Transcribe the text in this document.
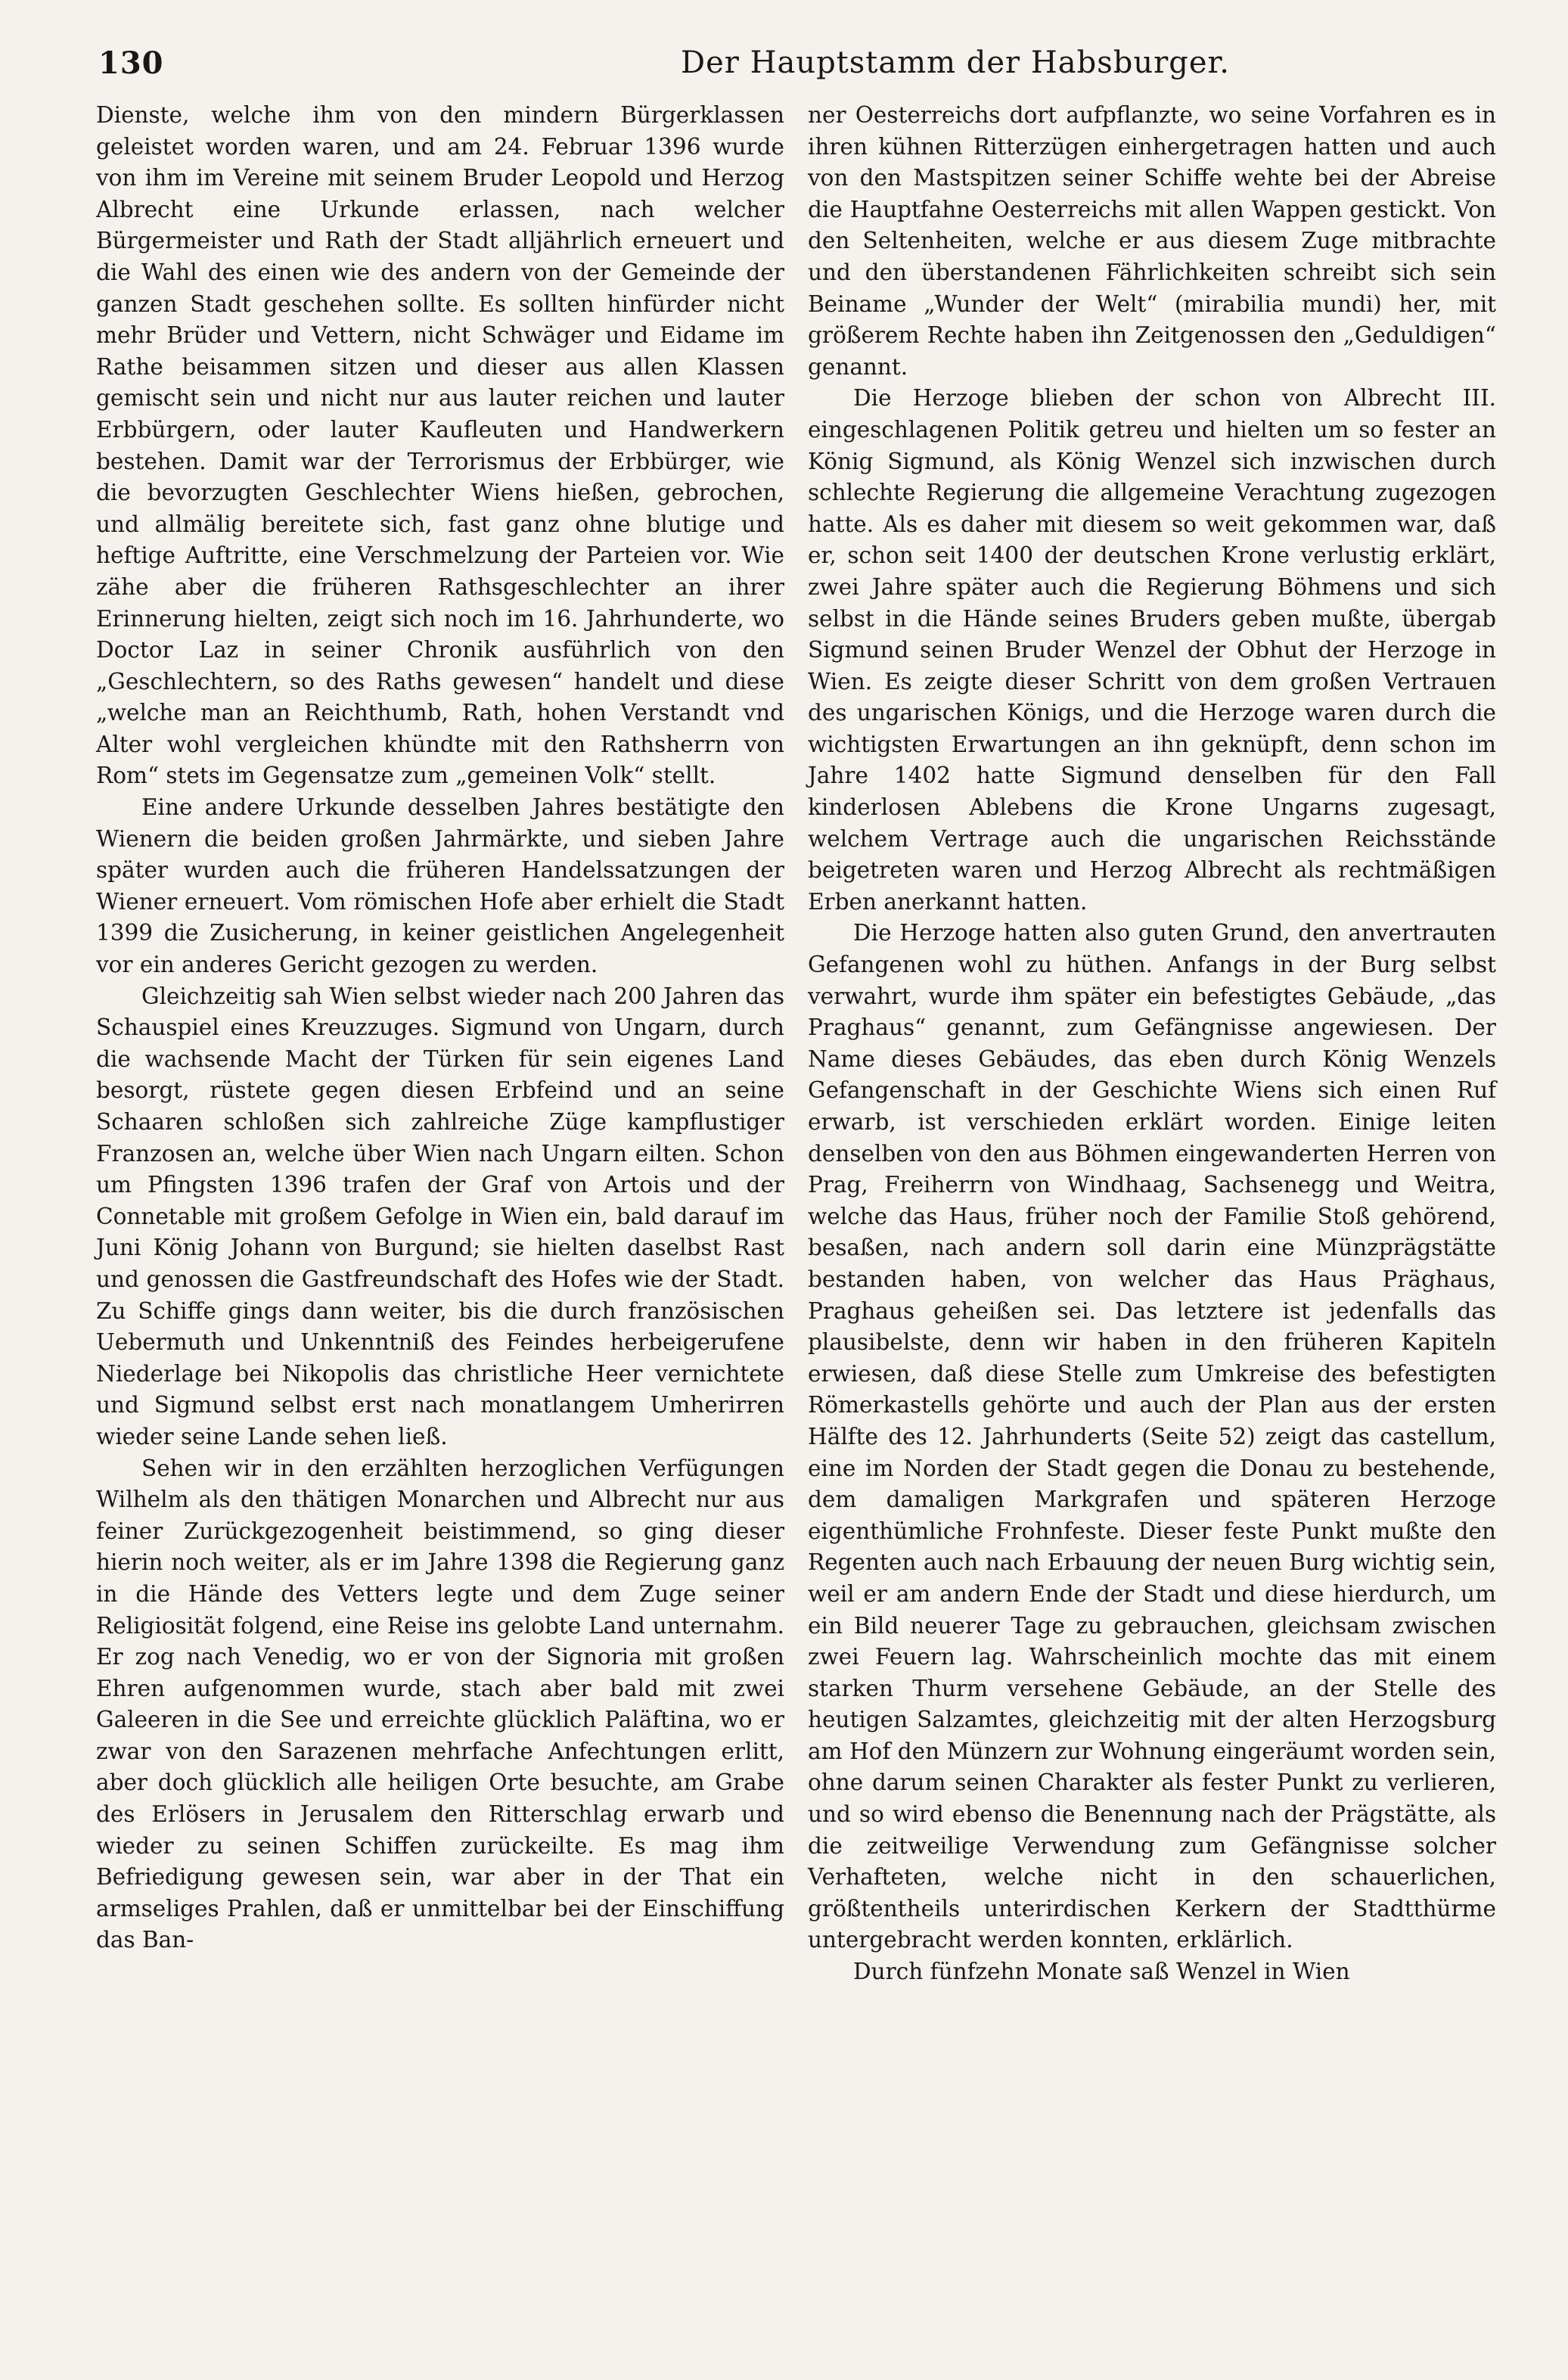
130	Der Hauptstamm der Habsburger.

Dienste, welche ihm von den mindern Bürgerklassen geleistet worden waren, und am 24. Februar 1396 wurde von ihm im Vereine mit seinem Bruder Leopold und Herzog Albrecht eine Urkunde erlassen, nach welcher Bürgermeister und Rath der Stadt alljährlich erneuert und die Wahl des einen wie des andern von der Gemeinde der ganzen Stadt geschehen sollte. Es sollten hinfürder nicht mehr Brüder und Vettern, nicht Schwäger und Eidame im Rathe beisammen sitzen und dieser aus allen Klassen gemischt sein und nicht nur aus lauter reichen und lauter Erbbürgern, oder lauter Kaufleuten und Handwerkern bestehen. Damit war der Terrorismus der Erbbürger, wie die bevorzugten Geschlechter Wiens hießen, gebrochen, und allmälig bereitete sich, fast ganz ohne blutige und heftige Auftritte, eine Verschmelzung der Parteien vor. Wie zähe aber die früheren Rathsgeschlechter an ihrer Erinnerung hielten, zeigt sich noch im 16. Jahrhunderte, wo Doctor Laz in seiner Chronik ausführlich von den „Geschlechtern, so des Raths gewesen“ handelt und diese „welche man an Reichthumb, Rath, hohen Verstandt vnd Alter wohl vergleichen khündte mit den Rathsherrn von Rom“ stets im Gegensatze zum „gemeinen Volk“ stellt.

Eine andere Urkunde desselben Jahres bestätigte den Wienern die beiden großen Jahrmärkte, und sieben Jahre später wurden auch die früheren Handelssatzungen der Wiener erneuert. Vom römischen Hofe aber erhielt die Stadt 1399 die Zusicherung, in keiner geistlichen Angelegenheit vor ein anderes Gericht gezogen zu werden.

Gleichzeitig sah Wien selbst wieder nach 200 Jahren das Schauspiel eines Kreuzzuges. Sigmund von Ungarn, durch die wachsende Macht der Türken für sein eigenes Land besorgt, rüstete gegen diesen Erbfeind und an seine Schaaren schloßen sich zahlreiche Züge kampflustiger Franzosen an, welche über Wien nach Ungarn eilten. Schon um Pfingsten 1396 trafen der Graf von Artois und der Connetable mit großem Gefolge in Wien ein, bald darauf im Juni König Johann von Burgund; sie hielten daselbst Rast und genossen die Gastfreundschaft des Hofes wie der Stadt. Zu Schiffe gings dann weiter, bis die durch französischen Uebermuth und Unkenntniß des Feindes herbeigerufene Niederlage bei Nikopolis das christliche Heer vernichtete und Sigmund selbst erst nach monatlangem Umherirren wieder seine Lande sehen ließ.

Sehen wir in den erzählten herzoglichen Verfügungen Wilhelm als den thätigen Monarchen und Albrecht nur aus feiner Zurückgezogenheit beistimmend, so ging dieser hierin noch weiter, als er im Jahre 1398 die Regierung ganz in die Hände des Vetters legte und dem Zuge seiner Religiosität folgend, eine Reise ins gelobte Land unternahm. Er zog nach Venedig, wo er von der Signoria mit großen Ehren aufgenommen wurde, stach aber bald mit zwei Galeeren in die See und erreichte glücklich Paläftina, wo er zwar von den Sarazenen mehrfache Anfechtungen erlitt, aber doch glücklich alle heiligen Orte besuchte, am Grabe des Erlösers in Jerusalem den Ritterschlag erwarb und wieder zu seinen Schiffen zurückeilte. Es mag ihm Befriedigung gewesen sein, war aber in der That ein armseliges Prahlen, daß er unmittelbar bei der Einschiffung das Ban-

ner Oesterreichs dort aufpflanzte, wo seine Vorfahren es in ihren kühnen Ritterzügen einhergetragen hatten und auch von den Mastspitzen seiner Schiffe wehte bei der Abreise die Hauptfahne Oesterreichs mit allen Wappen gestickt. Von den Seltenheiten, welche er aus diesem Zuge mitbrachte und den überstandenen Fährlichkeiten schreibt sich sein Beiname „Wunder der Welt“ (mirabilia mundi) her, mit größerem Rechte haben ihn Zeitgenossen den „Geduldigen“ genannt.

Die Herzoge blieben der schon von Albrecht III. eingeschlagenen Politik getreu und hielten um so fester an König Sigmund, als König Wenzel sich inzwischen durch schlechte Regierung die allgemeine Verachtung zugezogen hatte. Als es daher mit diesem so weit gekommen war, daß er, schon seit 1400 der deutschen Krone verlustig erklärt, zwei Jahre später auch die Regierung Böhmens und sich selbst in die Hände seines Bruders geben mußte, übergab Sigmund seinen Bruder Wenzel der Obhut der Herzoge in Wien. Es zeigte dieser Schritt von dem großen Vertrauen des ungarischen Königs, und die Herzoge waren durch die wichtigsten Erwartungen an ihn geknüpft, denn schon im Jahre 1402 hatte Sigmund denselben für den Fall kinderlosen Ablebens die Krone Ungarns zugesagt, welchem Vertrage auch die ungarischen Reichsstände beigetreten waren und Herzog Albrecht als rechtmäßigen Erben anerkannt hatten.

Die Herzoge hatten also guten Grund, den anvertrauten Gefangenen wohl zu hüthen. Anfangs in der Burg selbst verwahrt, wurde ihm später ein befestigtes Gebäude, „das Praghaus“ genannt, zum Gefängnisse angewiesen. Der Name dieses Gebäudes, das eben durch König Wenzels Gefangenschaft in der Geschichte Wiens sich einen Ruf erwarb, ist verschieden erklärt worden. Einige leiten denselben von den aus Böhmen eingewanderten Herren von Prag, Freiherrn von Windhaag, Sachsenegg und Weitra, welche das Haus, früher noch der Familie Stoß gehörend, besaßen, nach andern soll darin eine Münzprägstätte bestanden haben, von welcher das Haus Präghaus, Praghaus geheißen sei. Das letztere ist jedenfalls das plausibelste, denn wir haben in den früheren Kapiteln erwiesen, daß diese Stelle zum Umkreise des befestigten Römerkastells gehörte und auch der Plan aus der ersten Hälfte des 12. Jahrhunderts (Seite 52) zeigt das castellum, eine im Norden der Stadt gegen die Donau zu bestehende, dem damaligen Markgrafen und späteren Herzoge eigenthümliche Frohnfeste. Dieser feste Punkt mußte den Regenten auch nach Erbauung der neuen Burg wichtig sein, weil er am andern Ende der Stadt und diese hierdurch, um ein Bild neuerer Tage zu gebrauchen, gleichsam zwischen zwei Feuern lag. Wahrscheinlich mochte das mit einem starken Thurm versehene Gebäude, an der Stelle des heutigen Salzamtes, gleichzeitig mit der alten Herzogsburg am Hof den Münzern zur Wohnung eingeräumt worden sein, ohne darum seinen Charakter als fester Punkt zu verlieren, und so wird ebenso die Benennung nach der Prägstätte, als die zeitweilige Verwendung zum Gefängnisse solcher Verhafteten, welche nicht in den schauerlichen, größtentheils unterirdischen Kerkern der Stadtthürme untergebracht werden konnten, erklärlich.

Durch fünfzehn Monate saß Wenzel in Wien
